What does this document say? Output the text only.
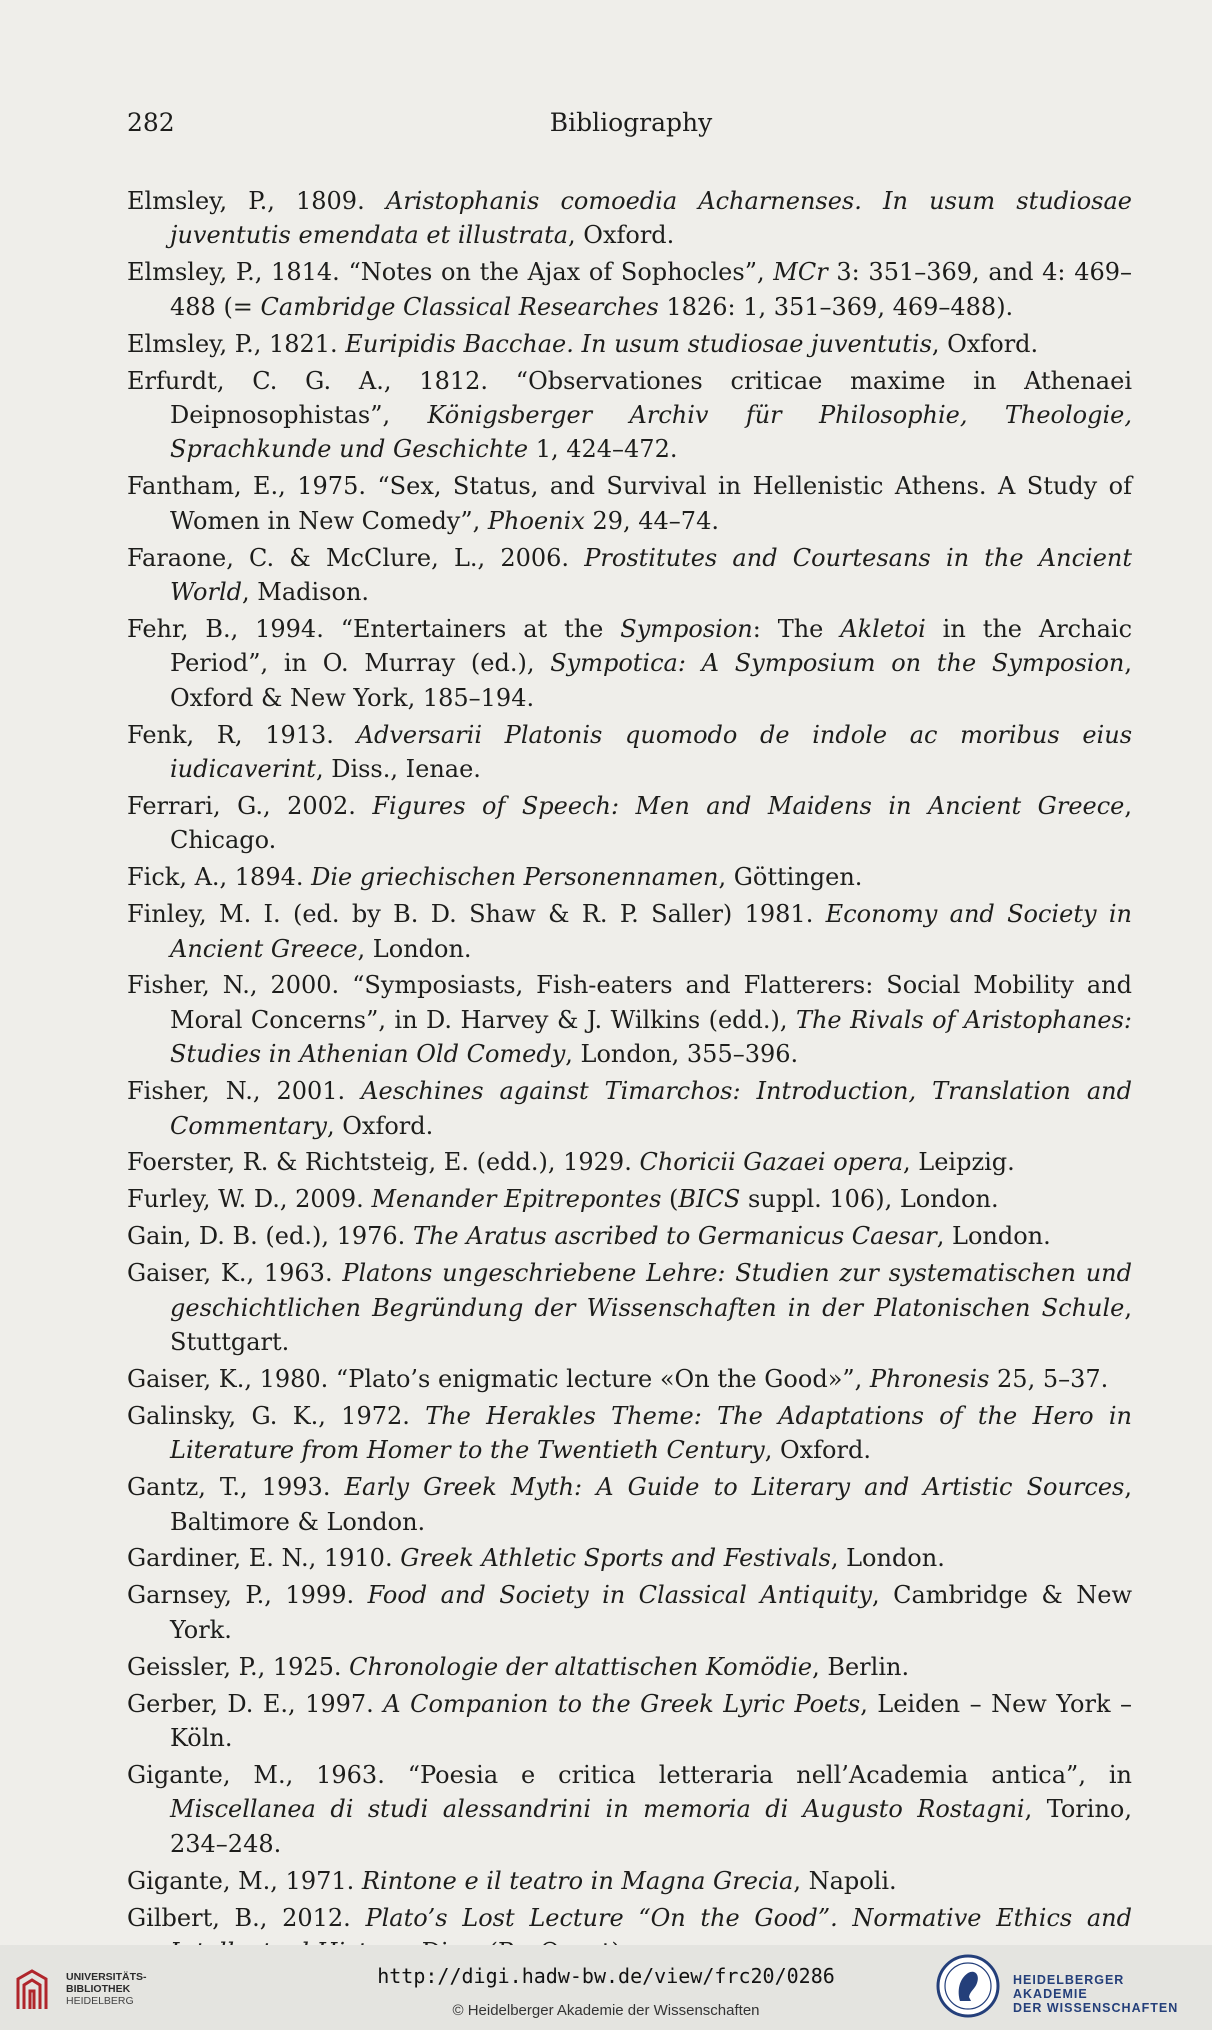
282	Bibliography

Elmsley, P., 1809. Aristophanis comoedia Acharnenses. In usum studiosae juventutis emendata et illustrata, Oxford.

Elmsley, P., 1814. “Notes on the Ajax of Sophocles”, MCr 3: 351–369, and 4: 469–488 (= Cambridge Classical Researches 1826: 1, 351–369, 469–488).

Elmsley, P., 1821. Euripidis Bacchae. In usum studiosae juventutis, Oxford.

Erfurdt, C. G. A., 1812. “Observationes criticae maxime in Athenaei Deipnosophistas”, Königsberger Archiv für Philosophie, Theologie, Sprachkunde und Geschichte 1, 424–472.

Fantham, E., 1975. “Sex, Status, and Survival in Hellenistic Athens. A Study of Women in New Comedy”, Phoenix 29, 44–74.

Faraone, C. & McClure, L., 2006. Prostitutes and Courtesans in the Ancient World, Madison.

Fehr, B., 1994. “Entertainers at the Symposion: The Akletoi in the Archaic Period”, in O. Murray (ed.), Sympotica: A Symposium on the Symposion, Oxford & New York, 185–194.

Fenk, R, 1913. Adversarii Platonis quomodo de indole ac moribus eius iudicaverint, Diss., Ienae.

Ferrari, G., 2002. Figures of Speech: Men and Maidens in Ancient Greece, Chicago.

Fick, A., 1894. Die griechischen Personennamen, Göttingen.

Finley, M. I. (ed. by B. D. Shaw & R. P. Saller) 1981. Economy and Society in Ancient Greece, London.

Fisher, N., 2000. “Symposiasts, Fish-eaters and Flatterers: Social Mobility and Moral Concerns”, in D. Harvey & J. Wilkins (edd.), The Rivals of Aristophanes: Studies in Athenian Old Comedy, London, 355–396.

Fisher, N., 2001. Aeschines against Timarchos: Introduction, Translation and Commentary, Oxford.

Foerster, R. & Richtsteig, E. (edd.), 1929. Choricii Gazaei opera, Leipzig.

Furley, W. D., 2009. Menander Epitrepontes (BICS suppl. 106), London.

Gain, D. B. (ed.), 1976. The Aratus ascribed to Germanicus Caesar, London.

Gaiser, K., 1963. Platons ungeschriebene Lehre: Studien zur systematischen und geschichtlichen Begründung der Wissenschaften in der Platonischen Schule, Stuttgart.

Gaiser, K., 1980. “Plato’s enigmatic lecture «On the Good»”, Phronesis 25, 5–37.

Galinsky, G. K., 1972. The Herakles Theme: The Adaptations of the Hero in Literature from Homer to the Twentieth Century, Oxford.

Gantz, T., 1993. Early Greek Myth: A Guide to Literary and Artistic Sources, Baltimore & London.

Gardiner, E. N., 1910. Greek Athletic Sports and Festivals, London.

Garnsey, P., 1999. Food and Society in Classical Antiquity, Cambridge & New York.

Geissler, P., 1925. Chronologie der altattischen Komödie, Berlin.

Gerber, D. E., 1997. A Companion to the Greek Lyric Poets, Leiden – New York – Köln.

Gigante, M., 1963. “Poesia e critica letteraria nell’Academia antica”, in Miscellanea di studi alessandrini in memoria di Augusto Rostagni, Torino, 234–248.

Gigante, M., 1971. Rintone e il teatro in Magna Grecia, Napoli.

Gilbert, B., 2012. Plato’s Lost Lecture “On the Good”. Normative Ethics and

UNIVERSITÄTS-
BIBLIOTHEK
HEIDELBERG
http://digi.hadw-bw.de/view/frc20/0286
© Heidelberger Akademie der Wissenschaften
HEIDELBERGER AKADEMIE
DER WISSENSCHAFTEN
